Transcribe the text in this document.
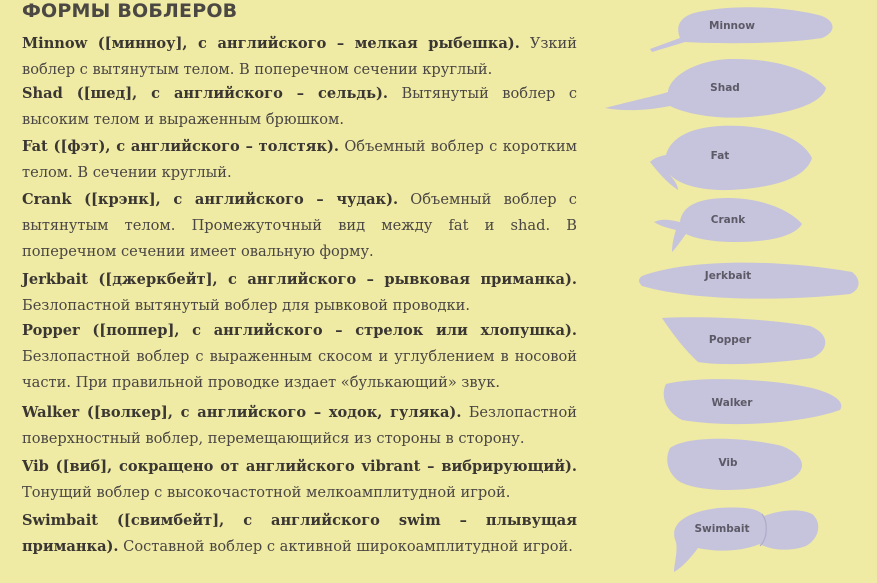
ФОРМЫ ВОБЛЕРОВ
Minnow ([минноу], с английского – мелкая рыбешка). Узкий воблер с вытянутым телом. В поперечном сечении круглый.
Shad ([шед], с английского – сельдь). Вытянутый воблер с высоким телом и выраженным брюшком.
Fat ([фэт), с английского – толстяк). Объемный воблер с коротким телом. В сечении круглый.
Crank ([крэнк], с английского – чудак). Объемный воблер с вытянутым телом. Промежуточный вид между fat и shad. В поперечном сечении имеет овальную форму.
Jerkbait ([джеркбейт], с английского – рывковая приманка). Безлопастной вытянутый воблер для рывковой проводки.
Popper ([поппер], с английского – стрелок или хлопушка). Безлопастной воблер с выраженным скосом и углублением в носовой части. При правильной проводке издает «булькающий» звук.
Walker ([волкер], с английского – ходок, гуляка). Безлопастной поверхностный воблер, перемещающийся из стороны в сторону.
Vib ([виб], сокращено от английского vibrant – вибрирующий). Тонущий воблер с высокочастотной мелкоамплитудной игрой.
Swimbait ([свимбейт], с английского swim – плывущая приманка). Составной воблер с активной широкоамплитудной игрой.
Minnow
Shad
Fat
Crank
Jerkbait
Popper
Walker
Vib
Swimbait
